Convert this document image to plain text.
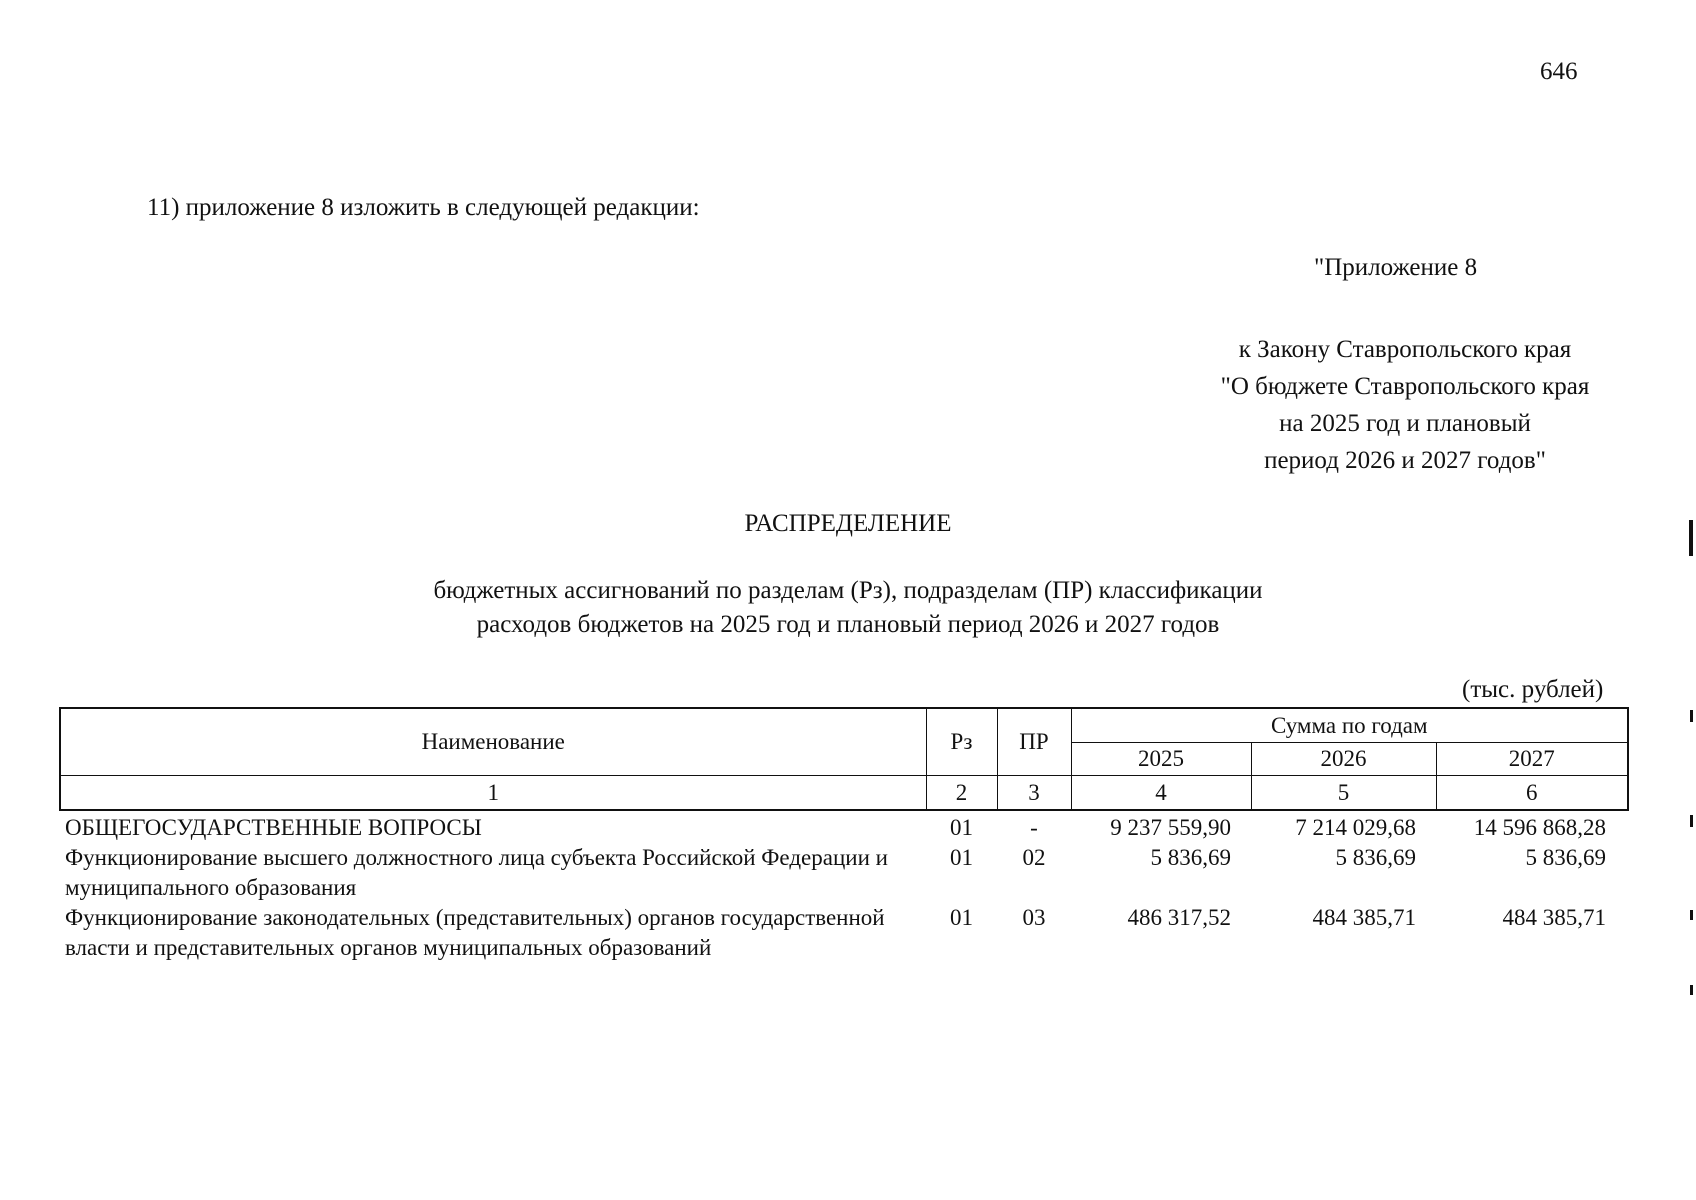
646
11) приложение 8 изложить в следующей редакции:
"Приложение 8
к Закону Ставропольского края
"О бюджете Ставропольского края
на 2025 год и плановый
период 2026 и 2027 годов"
РАСПРЕДЕЛЕНИЕ
бюджетных ассигнований по разделам (Рз), подразделам (ПР) классификации
расходов бюджетов на 2025 год и плановый период 2026 и 2027 годов
(тыс. рублей)
Наименование	Рз	ПР	Сумма по годам		
			2025	2026	2027
1	2	3	4	5	6
ОБЩЕГОСУДАРСТВЕННЫЕ ВОПРОСЫ	01	-	9 237 559,90	7 214 029,68	14 596 868,28
Функционирование высшего должностного лица субъекта Российской Федерации и муниципального образования	01	02	5 836,69	5 836,69	5 836,69
Функционирование законодательных (представительных) органов государственной власти и представительных органов муниципальных образований	01	03	486 317,52	484 385,71	484 385,71
